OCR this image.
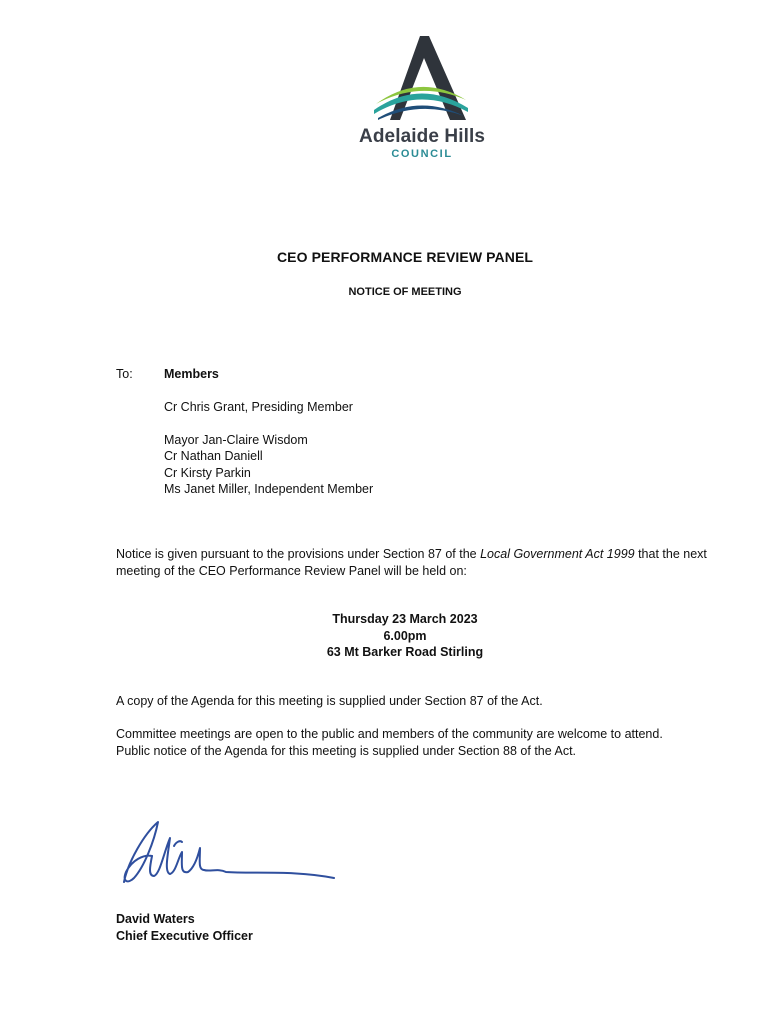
Adelaide Hills
COUNCIL
CEO PERFORMANCE REVIEW PANEL
NOTICE OF MEETING
To:	Members
Cr Chris Grant, Presiding Member
Mayor Jan-Claire Wisdom
Cr Nathan Daniell
Cr Kirsty Parkin
Ms Janet Miller, Independent Member
Notice is given pursuant to the provisions under Section 87 of the Local Government Act 1999 that the next meeting of the CEO Performance Review Panel will be held on:
Thursday 23 March 2023
6.00pm
63 Mt Barker Road Stirling
A copy of the Agenda for this meeting is supplied under Section 87 of the Act.
Committee meetings are open to the public and members of the community are welcome to attend.
Public notice of the Agenda for this meeting is supplied under Section 88 of the Act.
David Waters
Chief Executive Officer
